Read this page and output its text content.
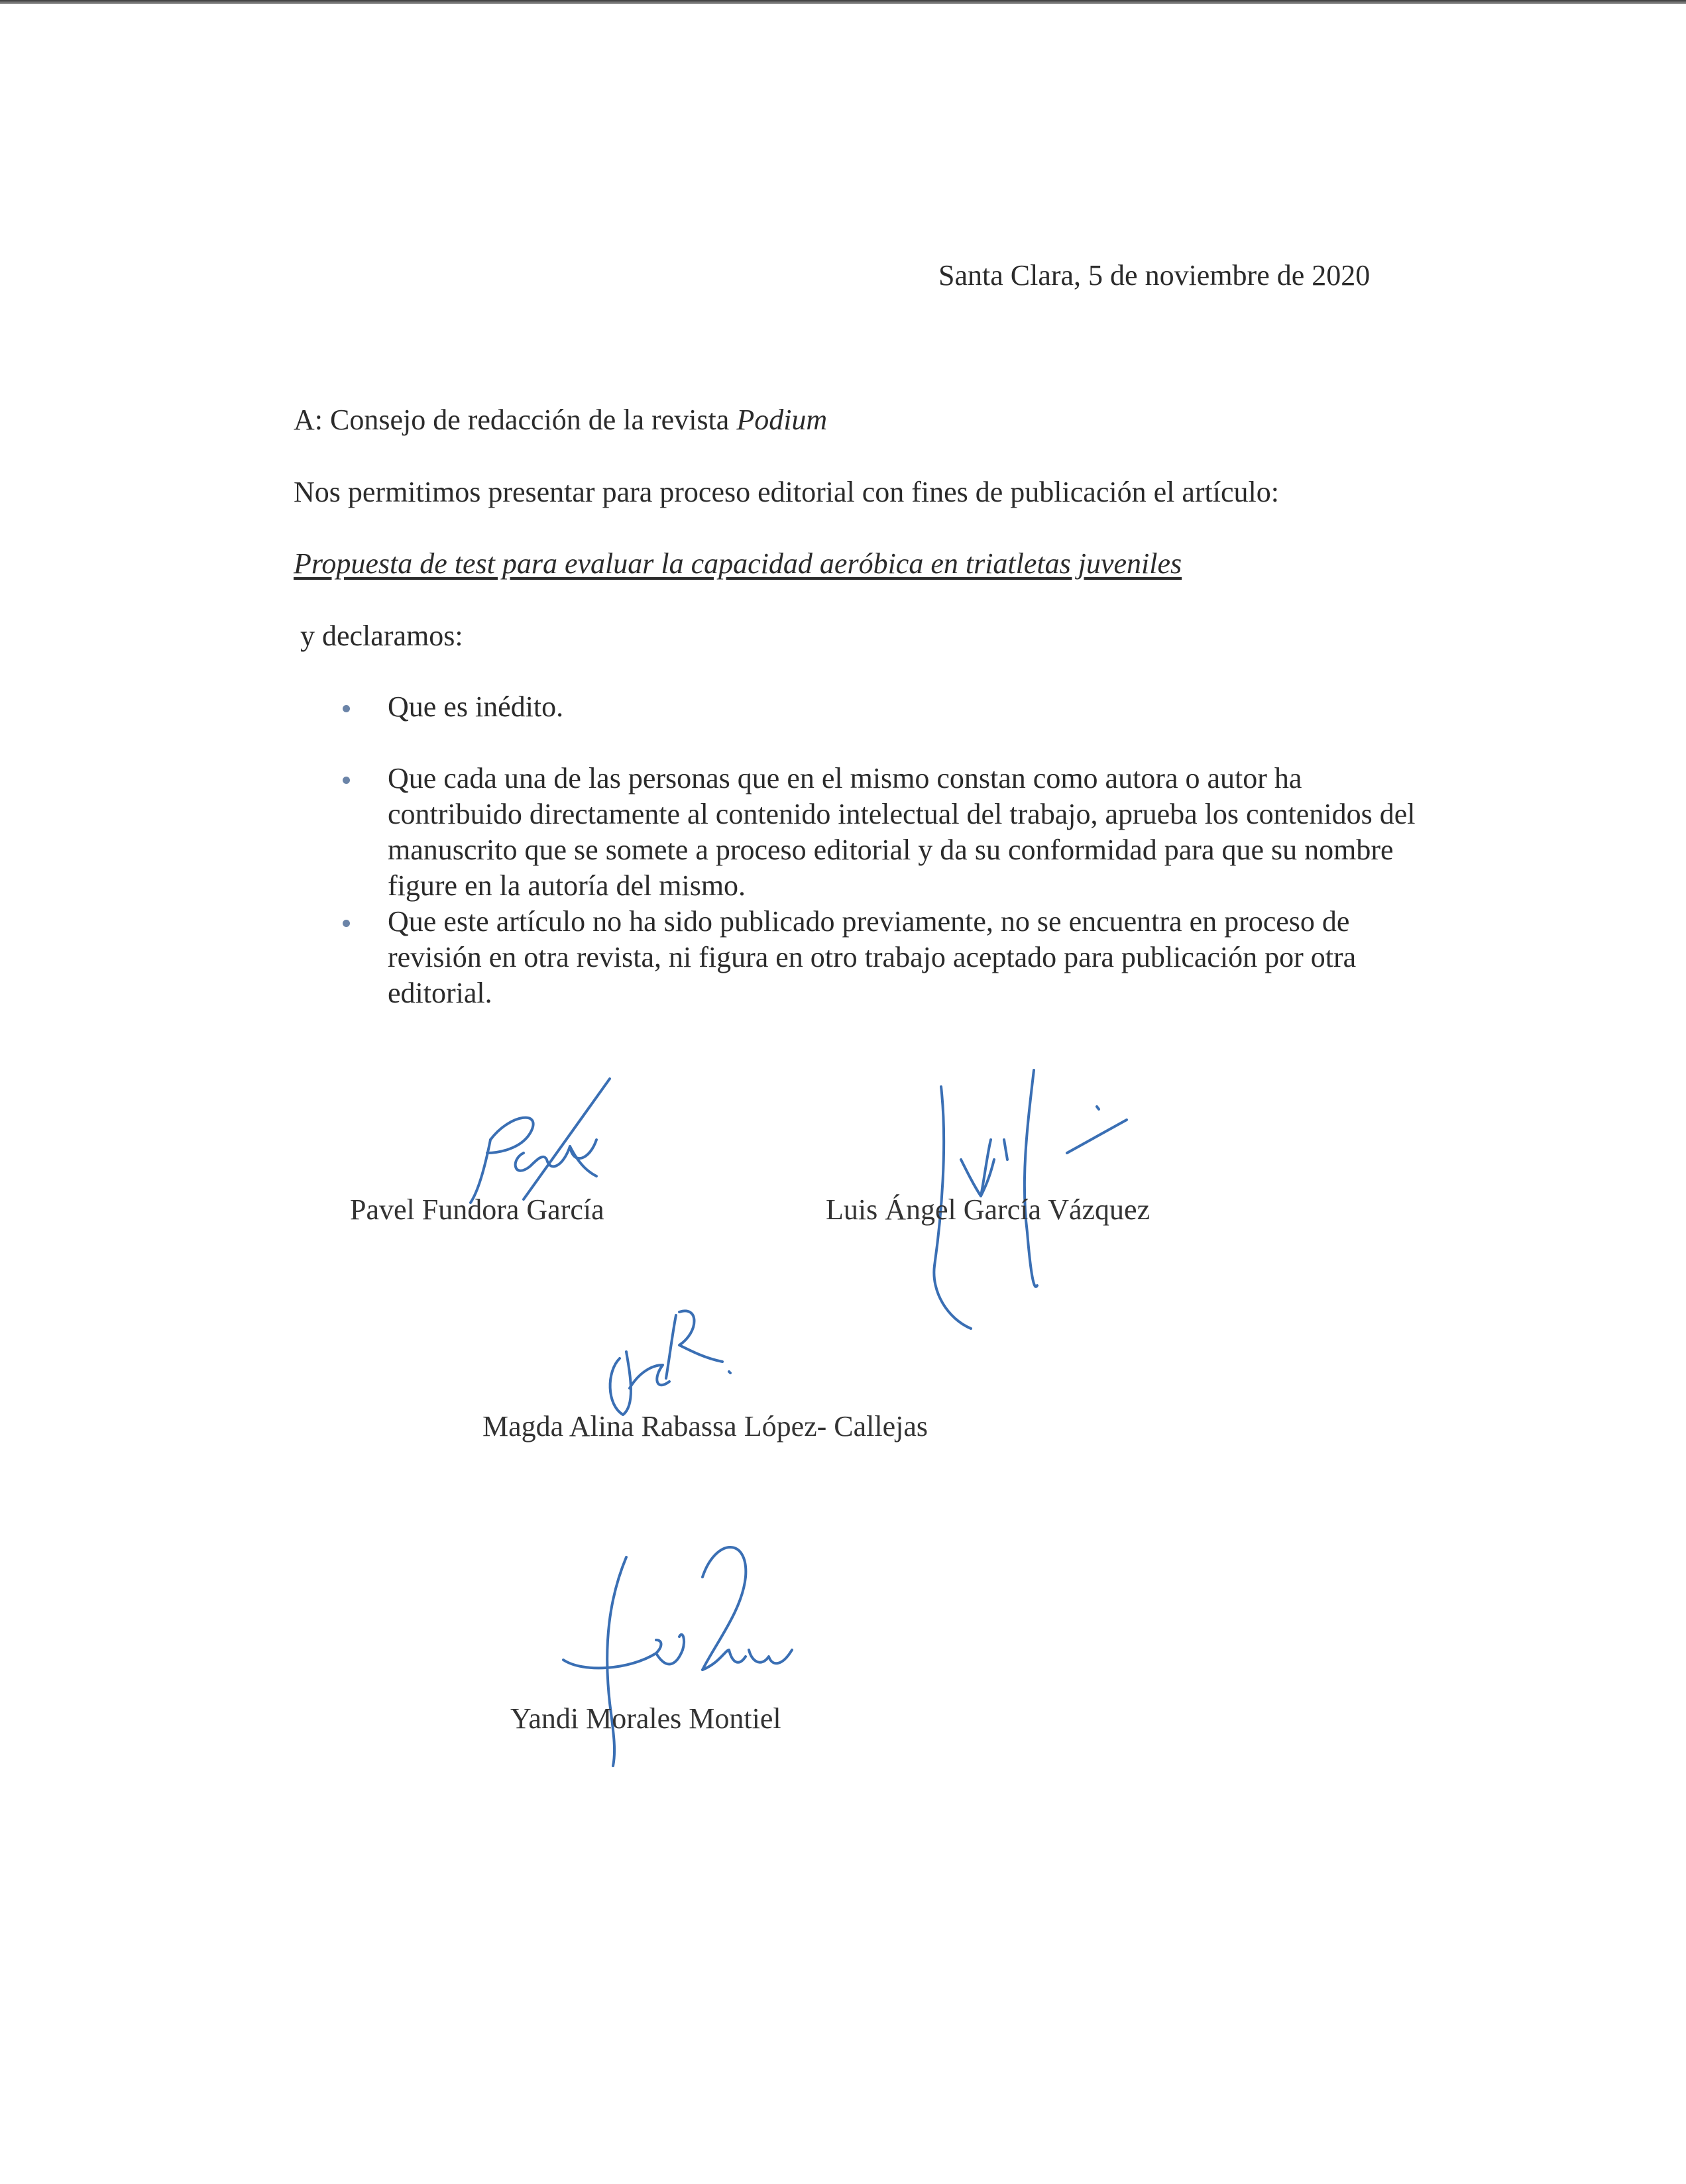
Santa Clara, 5 de noviembre de 2020
A: Consejo de redacción de la revista Podium
Nos permitimos presentar para proceso editorial con fines de publicación el artículo:
Propuesta de test para evaluar la capacidad aeróbica en triatletas juveniles
y declaramos:
Que es inédito.
Que cada una de las personas que en el mismo constan como autora o autor ha contribuido directamente al contenido intelectual del trabajo, aprueba los contenidos del manuscrito que se somete a proceso editorial y da su conformidad para que su nombre figure en la autoría del mismo.
Que este artículo no ha sido publicado previamente, no se encuentra en proceso de revisión en otra revista, ni figura en otro trabajo aceptado para publicación por otra editorial.
Pavel Fundora García	Luis Ángel García Vázquez
Magda Alina Rabassa López- Callejas
Yandi Morales Montiel
